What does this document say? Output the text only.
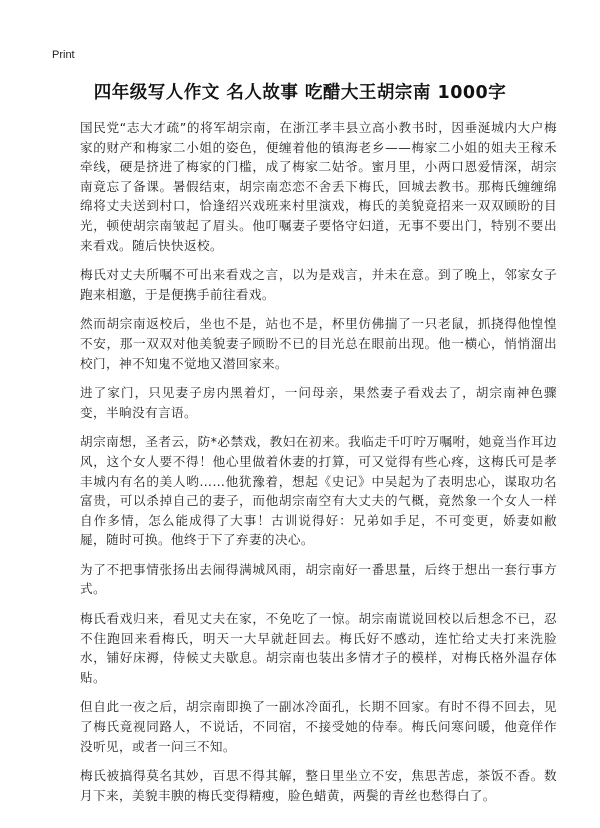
Print
四年级写人作文 名人故事 吃醋大王胡宗南 1000字

国民党“志大才疏”的将军胡宗南，在浙江孝丰县立高小教书时，因垂涎城内大户梅家的财产和梅家二小姐的姿色，便缠着他的镇海老乡——梅家二小姐的姐夫王稼禾牵线，硬是挤进了梅家的门槛，成了梅家二姑爷。蜜月里，小两口恩爱情深，胡宗南竟忘了备课。暑假结束，胡宗南恋恋不舍丢下梅氏，回城去教书。那梅氏缠缠绵绵将丈夫送到村口，恰逢绍兴戏班来村里演戏，梅氏的美貌竟招来一双双顾盼的目光，顿使胡宗南皱起了眉头。他叮嘱妻子要恪守妇道，无事不要出门，特别不要出来看戏。随后快快返校。

梅氏对丈夫所嘱不可出来看戏之言，以为是戏言，并未在意。到了晚上，邻家女子跑来相邀，于是便携手前往看戏。

然而胡宗南返校后，坐也不是，站也不是，杯里仿佛揣了一只老鼠，抓挠得他惶惶不安，那一双双对他美貌妻子顾盼不已的目光总在眼前出现。他一横心，悄悄溜出校门，神不知鬼不觉地又潜回家来。

进了家门，只见妻子房内黑着灯，一问母亲，果然妻子看戏去了，胡宗南神色骤变，半晌没有言语。

胡宗南想，圣者云，防*必禁戏，教妇在初来。我临走千叮咛万嘱咐，她竟当作耳边风，这个女人要不得！他心里做着休妻的打算，可又觉得有些心疼，这梅氏可是孝丰城内有名的美人哟……他犹豫着，想起《史记》中吴起为了表明忠心，谋取功名富贵，可以杀掉自己的妻子，而他胡宗南空有大丈夫的气概，竟然象一个女人一样自作多情，怎么能成得了大事！古训说得好：兄弟如手足，不可变更，娇妻如敝屣，随时可换。他终于下了弃妻的决心。

为了不把事情张扬出去闹得满城风雨，胡宗南好一番思量，后终于想出一套行事方式。

梅氏看戏归来，看见丈夫在家，不免吃了一惊。胡宗南谎说回校以后想念不已，忍不住跑回来看梅氏，明天一大早就赶回去。梅氏好不感动，连忙给丈夫打来洗脸水，铺好床褥，侍候丈夫歇息。胡宗南也装出多情才子的模样，对梅氏格外温存体贴。

但自此一夜之后，胡宗南即换了一副冰冷面孔，长期不回家。有时不得不回去，见了梅氏竟视同路人，不说话，不同宿，不接受她的侍奉。梅氏问寒问暖，他竟佯作没听见，或者一问三不知。

梅氏被搞得莫名其妙，百思不得其解，整日里坐立不安，焦思苦虑，茶饭不香。数月下来，美貌丰腴的梅氏变得精瘦，脸色蜡黄，两鬓的青丝也愁得白了。
